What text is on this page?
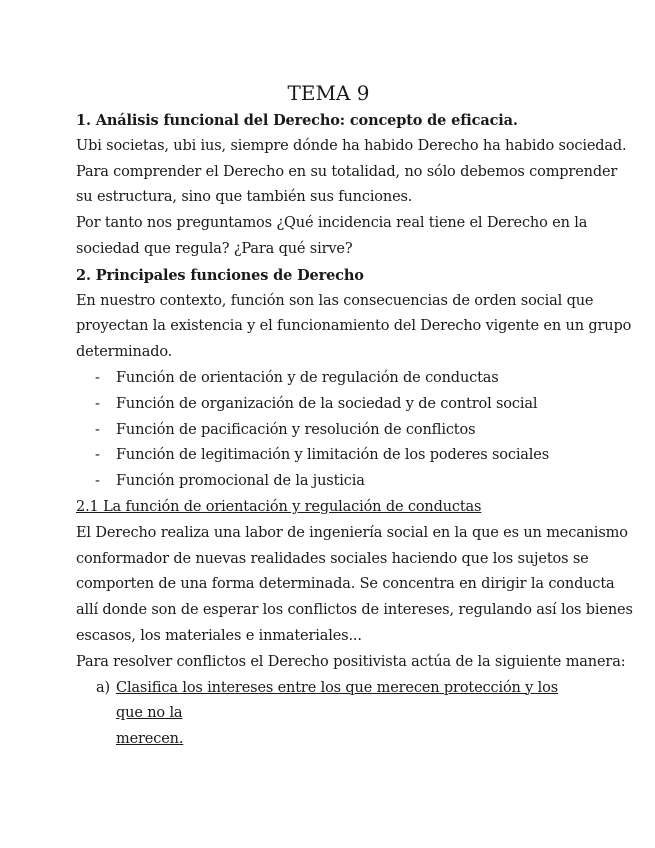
TEMA 9

1. Análisis funcional del Derecho: concepto de eficacia.

Ubi societas, ubi ius, siempre dónde ha habido Derecho ha habido sociedad.

Para comprender el Derecho en su totalidad, no sólo debemos comprender

su estructura, sino que también sus funciones.

Por tanto nos preguntamos ¿Qué incidencia real tiene el Derecho en la

sociedad que regula? ¿Para qué sirve?

2. Principales funciones de Derecho

En nuestro contexto, función son las consecuencias de orden social que

proyectan la existencia y el funcionamiento del Derecho vigente en un grupo

determinado.

- Función de orientación y de regulación de conductas
- Función de organización de la sociedad y de control social
- Función de pacificación y resolución de conflictos
- Función de legitimación y limitación de los poderes sociales
- Función promocional de la justicia

2.1 La función de orientación y regulación de conductas

El Derecho realiza una labor de ingeniería social en la que es un mecanismo

conformador de nuevas realidades sociales haciendo que los sujetos se

comporten de una forma determinada. Se concentra en dirigir la conducta

allí donde son de esperar los conflictos de intereses, regulando así los bienes

escasos, los materiales e inmateriales...

Para resolver conflictos el Derecho positivista actúa de la siguiente manera:

a) Clasifica los intereses entre los que merecen protección y los que no la
merecen.
